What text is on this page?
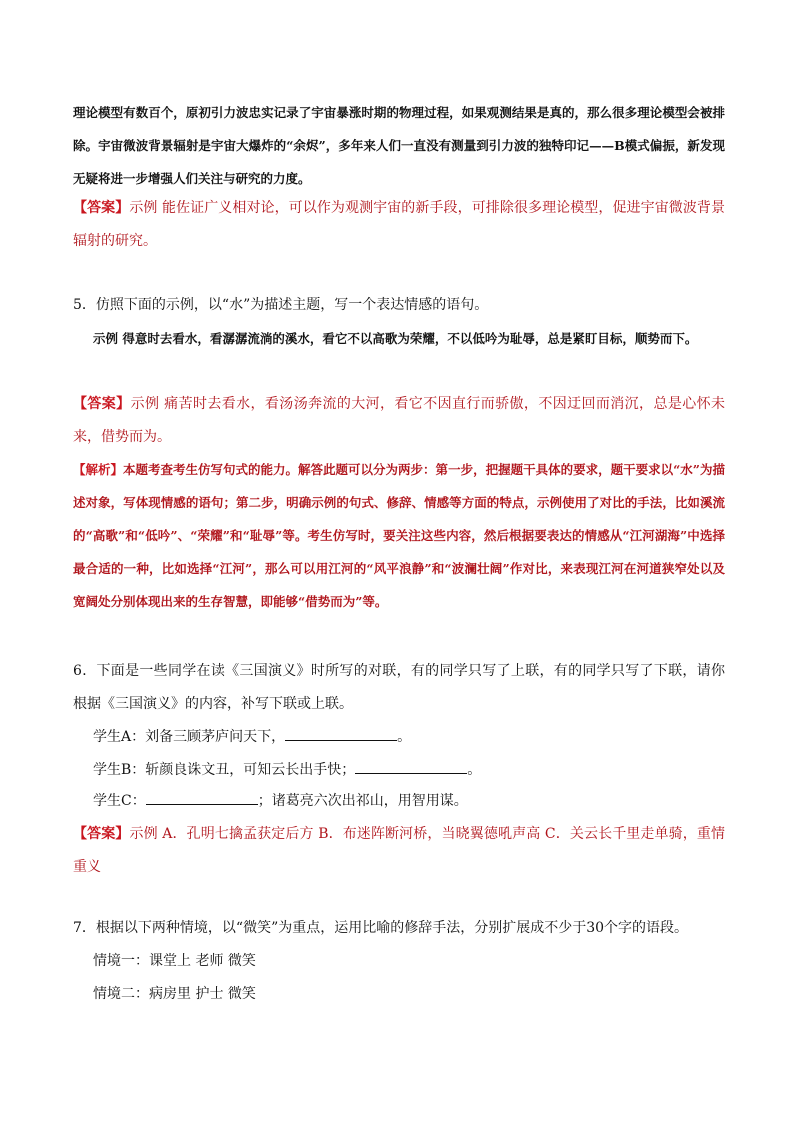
理论模型有数百个，原初引力波忠实记录了宇宙暴涨时期的物理过程，如果观测结果是真的，那么很多理论模型会被排除。宇宙微波背景辐射是宇宙大爆炸的“余烬”，多年来人们一直没有测量到引力波的独特印记——B模式偏振，新发现无疑将进一步增强人们关注与研究的力度。

【答案】示例 能佐证广义相对论，可以作为观测宇宙的新手段，可排除很多理论模型，促进宇宙微波背景辐射的研究。

5．仿照下面的示例，以“水”为描述主题，写一个表达情感的语句。

示例 得意时去看水，看潺潺流淌的溪水，看它不以高歌为荣耀，不以低吟为耻辱，总是紧盯目标，顺势而下。

【答案】示例 痛苦时去看水，看汤汤奔流的大河，看它不因直行而骄傲，不因迂回而消沉，总是心怀未来，借势而为。

【解析】本题考查考生仿写句式的能力。解答此题可以分为两步：第一步，把握题干具体的要求，题干要求以“水”为描述对象，写体现情感的语句；第二步，明确示例的句式、修辞、情感等方面的特点，示例使用了对比的手法，比如溪流的“高歌”和“低吟”、“荣耀”和“耻辱”等。考生仿写时，要关注这些内容，然后根据要表达的情感从“江河湖海”中选择最合适的一种，比如选择“江河”，那么可以用江河的“风平浪静”和“波澜壮阔”作对比，来表现江河在河道狭窄处以及宽阔处分别体现出来的生存智慧，即能够“借势而为”等。

6．下面是一些同学在读《三国演义》时所写的对联，有的同学只写了上联，有的同学只写了下联，请你根据《三国演义》的内容，补写下联或上联。

学生A：刘备三顾茅庐问天下，	。

学生B：斩颜良诛文丑，可知云长出手快；	。

学生C：	；诸葛亮六次出祁山，用智用谋。

【答案】示例 A．孔明七擒孟获定后方 B．布迷阵断河桥，当晓翼德吼声高 C．关云长千里走单骑，重情重义

7．根据以下两种情境，以“微笑”为重点，运用比喻的修辞手法，分别扩展成不少于30个字的语段。

情境一：课堂上 老师 微笑

情境二：病房里 护士 微笑
